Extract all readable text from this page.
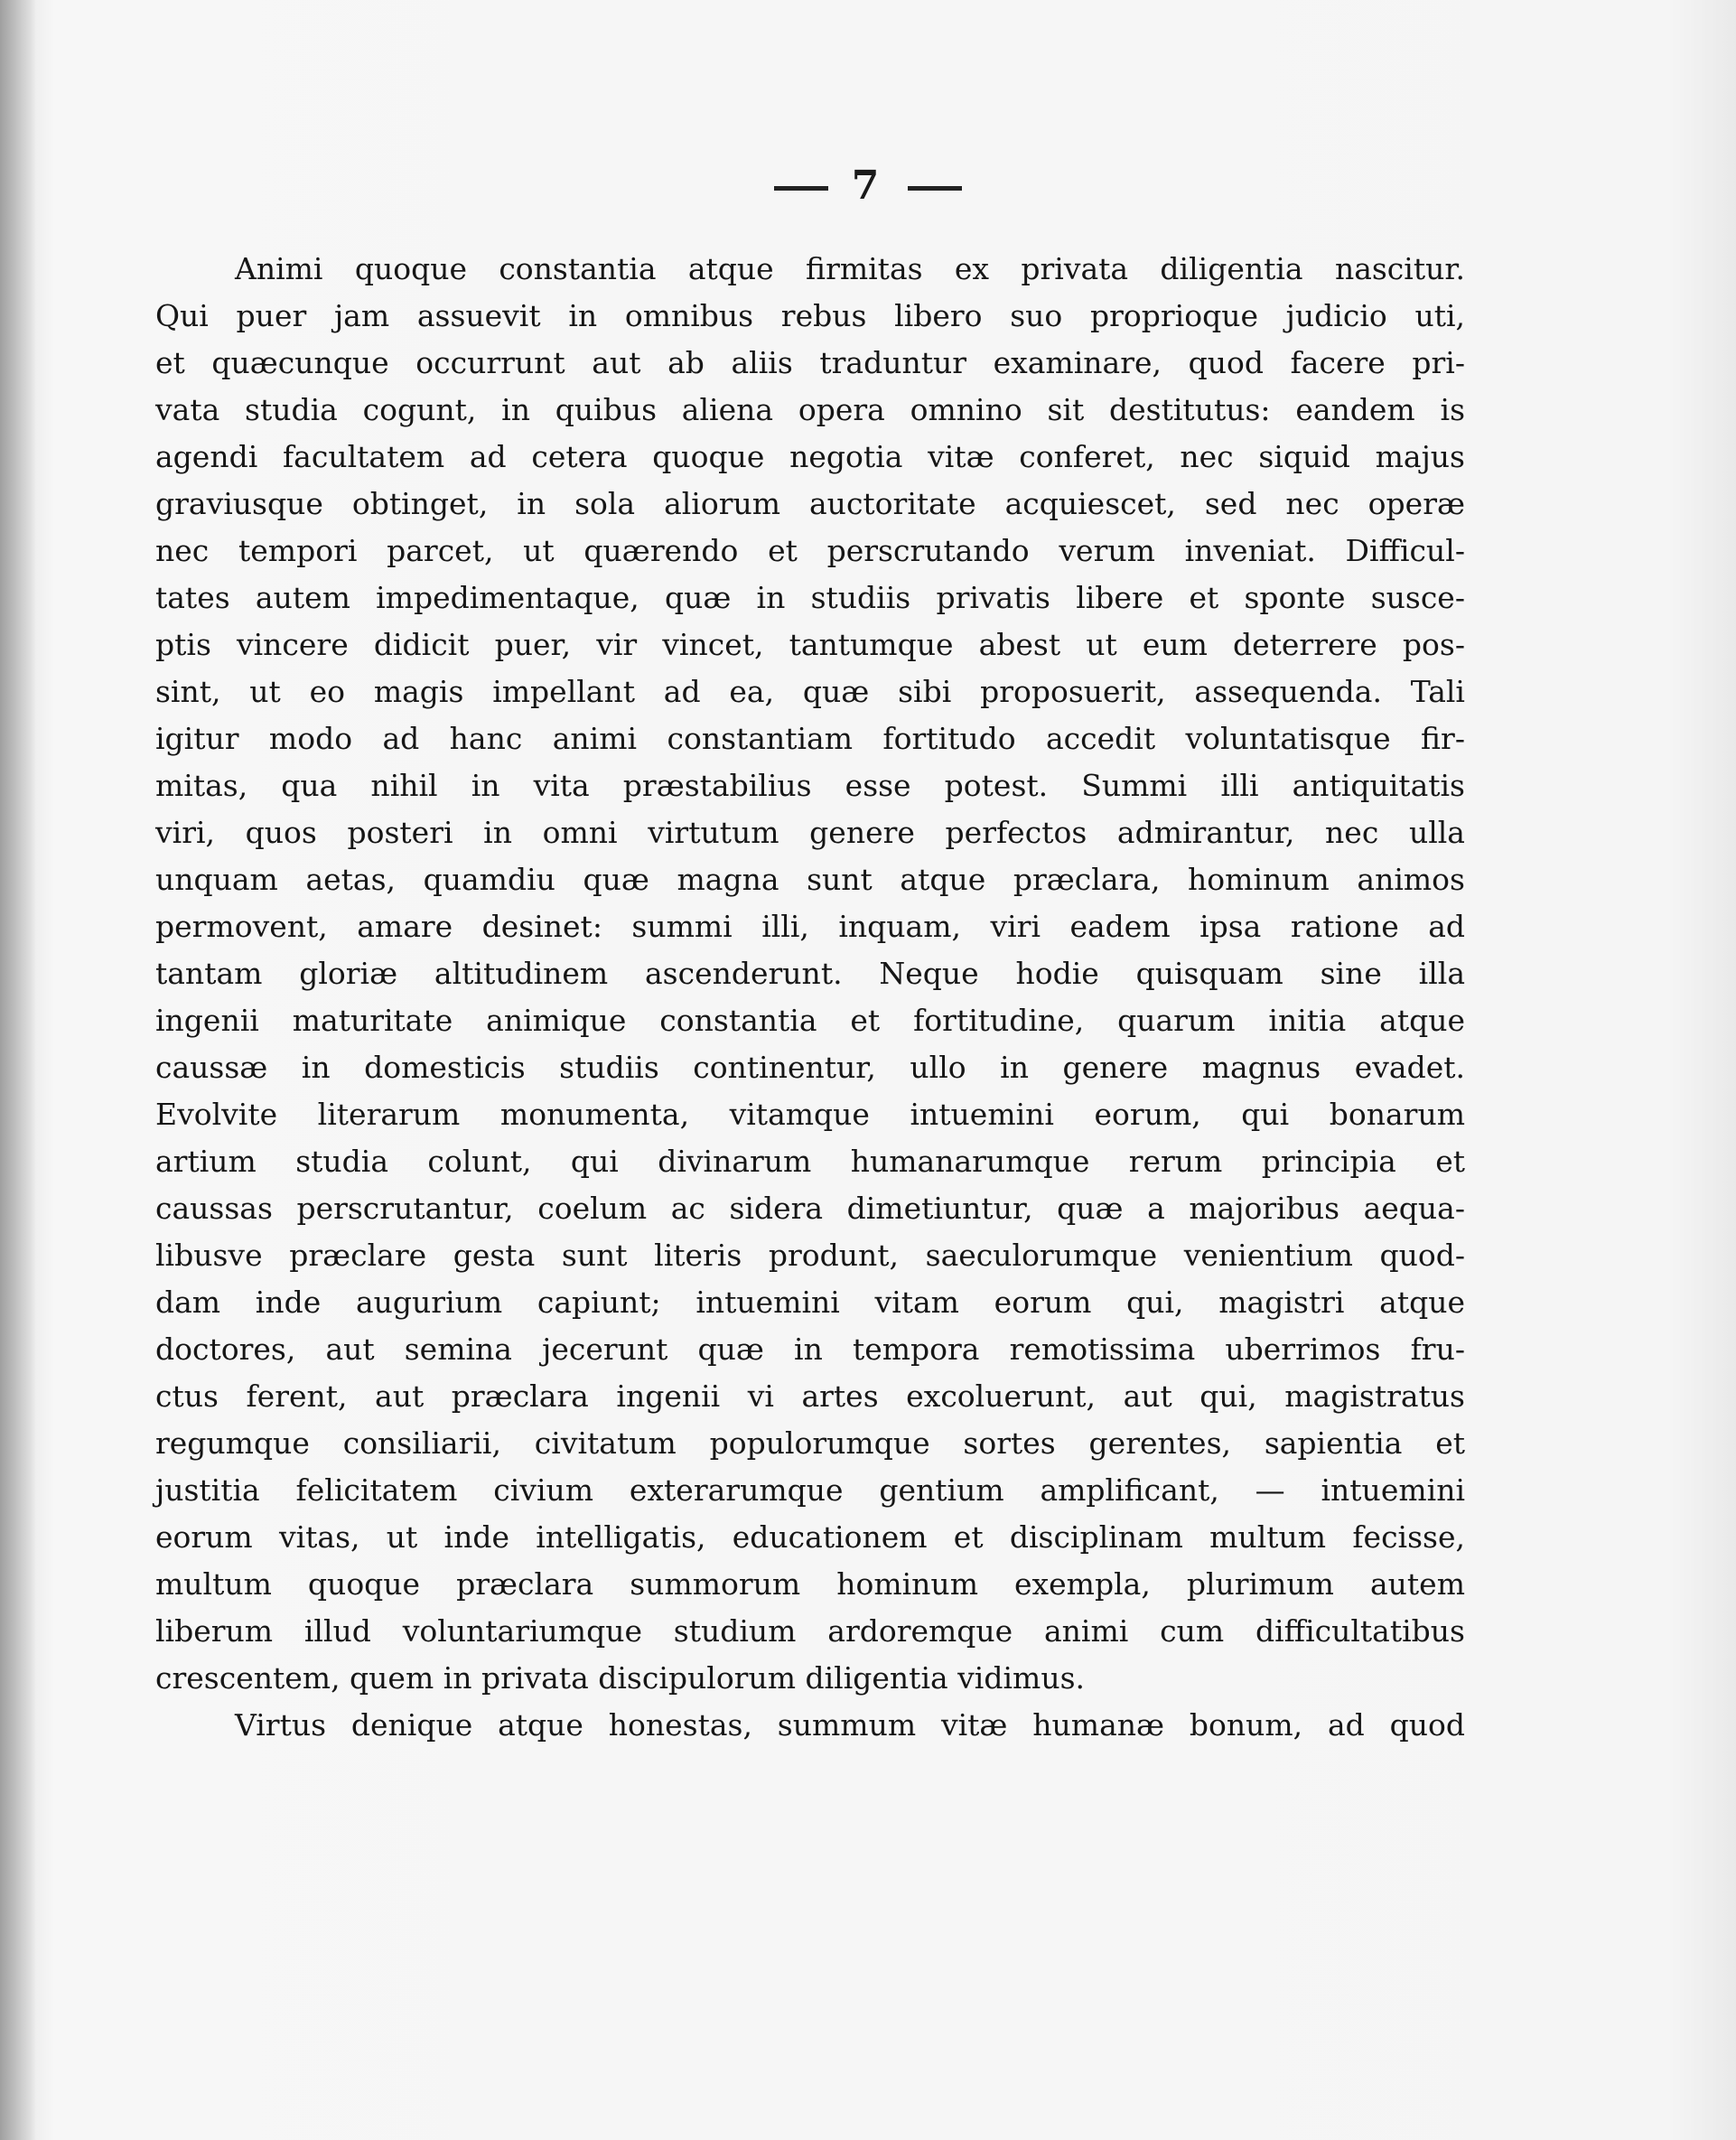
7
Animi quoque constantia atque firmitas ex privata diligentia nascitur.
Qui puer jam assuevit in omnibus rebus libero suo proprioque judicio uti,
et quæcunque occurrunt aut ab aliis traduntur examinare, quod facere pri-
vata studia cogunt, in quibus aliena opera omnino sit destitutus: eandem is
agendi facultatem ad cetera quoque negotia vitæ conferet, nec siquid majus
graviusque obtinget, in sola aliorum auctoritate acquiescet, sed nec operæ
nec tempori parcet, ut quærendo et perscrutando verum inveniat. Difficul-
tates autem impedimentaque, quæ in studiis privatis libere et sponte susce-
ptis vincere didicit puer, vir vincet, tantumque abest ut eum deterrere pos-
sint, ut eo magis impellant ad ea, quæ sibi proposuerit, assequenda. Tali
igitur modo ad hanc animi constantiam fortitudo accedit voluntatisque fir-
mitas, qua nihil in vita præstabilius esse potest. Summi illi antiquitatis
viri, quos posteri in omni virtutum genere perfectos admirantur, nec ulla
unquam aetas, quamdiu quæ magna sunt atque præclara, hominum animos
permovent, amare desinet: summi illi, inquam, viri eadem ipsa ratione ad
tantam gloriæ altitudinem ascenderunt. Neque hodie quisquam sine illa
ingenii maturitate animique constantia et fortitudine, quarum initia atque
caussæ in domesticis studiis continentur, ullo in genere magnus evadet.
Evolvite literarum monumenta, vitamque intuemini eorum, qui bonarum
artium studia colunt, qui divinarum humanarumque rerum principia et
caussas perscrutantur, coelum ac sidera dimetiuntur, quæ a majoribus aequa-
libusve præclare gesta sunt literis produnt, saeculorumque venientium quod-
dam inde augurium capiunt; intuemini vitam eorum qui, magistri atque
doctores, aut semina jecerunt quæ in tempora remotissima uberrimos fru-
ctus ferent, aut præclara ingenii vi artes excoluerunt, aut qui, magistratus
regumque consiliarii, civitatum populorumque sortes gerentes, sapientia et
justitia felicitatem civium exterarumque gentium amplificant, — intuemini
eorum vitas, ut inde intelligatis, educationem et disciplinam multum fecisse,
multum quoque præclara summorum hominum exempla, plurimum autem
liberum illud voluntariumque studium ardoremque animi cum difficultatibus
crescentem, quem in privata discipulorum diligentia vidimus.
Virtus denique atque honestas, summum vitæ humanæ bonum, ad quod
